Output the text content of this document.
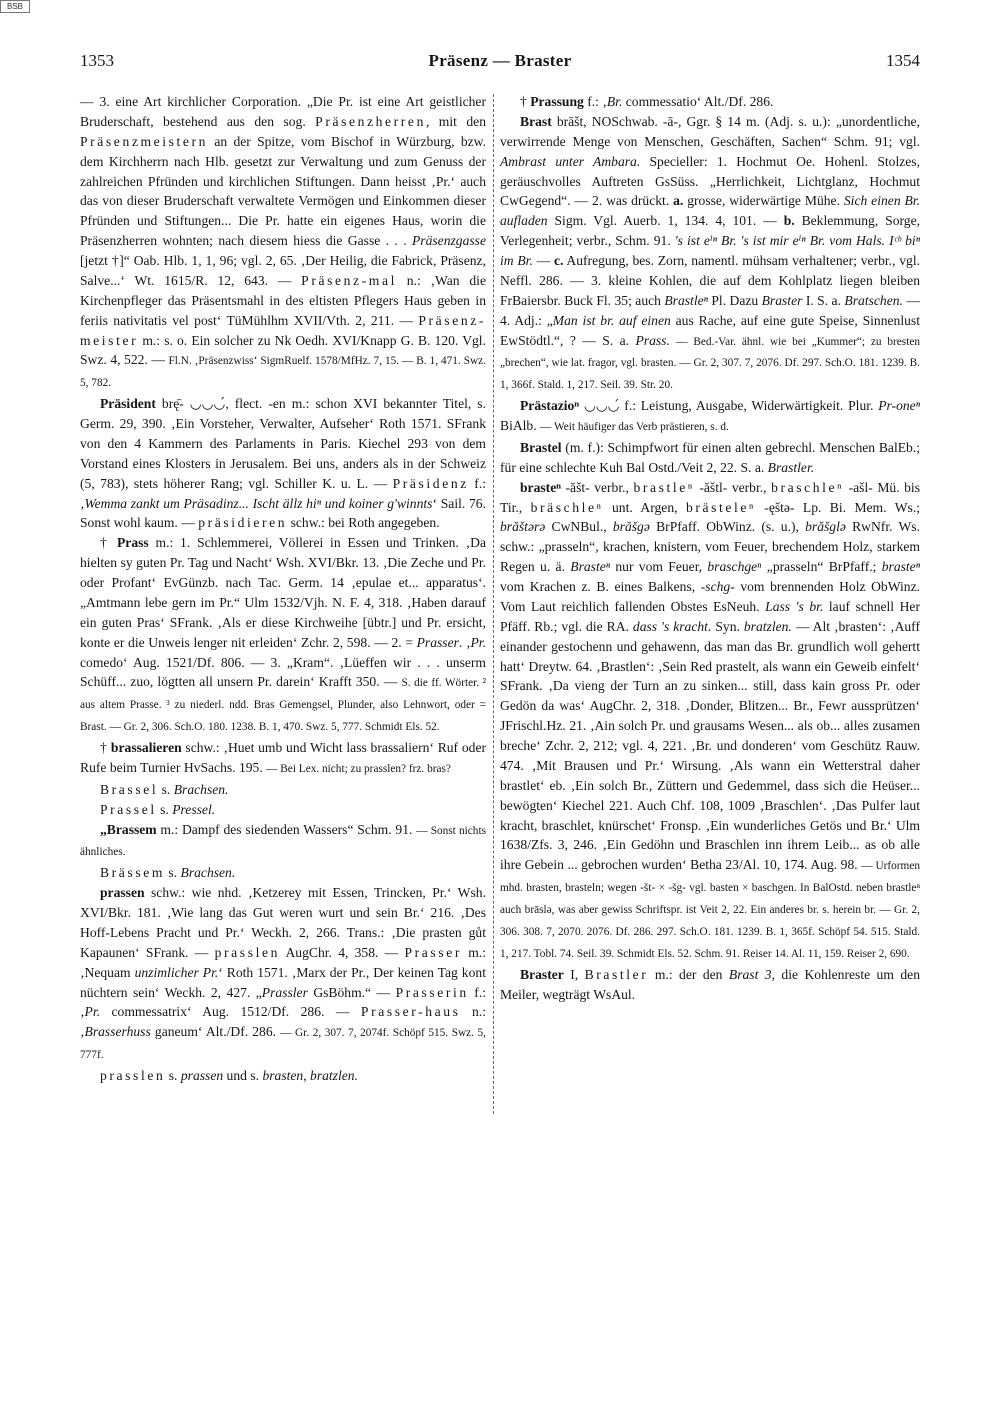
BSB
1353	Präsenz — Braster	1354

— 3. eine Art kirchlicher Corporation. „Die Pr. ist eine Art geistlicher Bruderschaft, bestehend aus den sog. Präsenzherren, mit den Präsenzmeistern an der Spitze, vom Bischof in Würzburg, bzw. dem Kirchherrn nach Hlb. gesetzt zur Verwaltung und zum Genuss der zahlreichen Pfründen und kirchlichen Stiftungen. Dann heisst ‚Pr.‘ auch das von dieser Bruderschaft verwaltete Vermögen und Einkommen dieser Pfründen und Stiftungen... Die Pr. hatte ein eigenes Haus, worin die Präsenzherren wohnten; nach diesem hiess die Gasse . . . Präsenzgasse [jetzt †]“ Oab. Hlb. 1, 1, 96; vgl. 2, 65. ‚Der Heilig, die Fabrick, Präsenz, Salve...‘ Wt. 1615/R. 12, 643. — Präsenz-mal n.: ‚Wan die Kirchenpfleger das Präsentsmahl in des eltisten Pflegers Haus geben in feriis nativitatis vel post‘ TüMühlhm XVII/Vth. 2, 211. — Präsenz-meister m.: s. o. Ein solcher zu Nk Oedh. XVI/Knapp G. B. 120. Vgl. Swz. 4, 522. — Fl.N. ‚Präsenzwiss‘ SigmRuelf. 1578/MfHz. 7, 15. — B. 1, 471. Swz. 5, 782.

Präsident brę̄- ◡◡◡́, flect. -en m.: schon XVI bekannter Titel, s. Germ. 29, 390. ‚Ein Vorsteher, Verwalter, Aufseher‘ Roth 1571. SFrank von den 4 Kammern des Parlaments in Paris. Kiechel 293 von dem Vorstand eines Klosters in Jerusalem. Bei uns, anders als in der Schweiz (5, 783), stets höherer Rang; vgl. Schiller K. u. L. — Präsidenz f.: ‚Wemma zankt um Präsadinz... Ischt ällz hiⁿ und koiner g'winnts‘ Sail. 76. Sonst wohl kaum. — präsidieren schw.: bei Roth angegeben.

† Prass m.: 1. Schlemmerei, Völlerei in Essen und Trinken. ‚Da hielten sy guten Pr. Tag und Nacht‘ Wsh. XVI/Bkr. 13. ‚Die Zeche und Pr. oder Profant‘ EvGünzb. nach Tac. Germ. 14 ‚epulae et... apparatus‘. „Amtmann lebe gern im Pr.“ Ulm 1532/Vjh. N. F. 4, 318. ‚Haben darauf ein guten Pras‘ SFrank. ‚Als er diese Kirchweihe [übtr.] und Pr. ersicht, konte er die Unweis lenger nit erleiden‘ Zchr. 2, 598. — 2. = Prasser. ‚Pr. comedo‘ Aug. 1521/Df. 806. — 3. „Kram“. ‚Lüeffen wir . . . unserm Schüff... zuo, lögtten all unsern Pr. darein‘ Krafft 350. — S. die ff. Wörter. ² aus altem Prasse. ³ zu niederl. ndd. Bras Gemengsel, Plunder, also Lehnwort, oder = Brast. — Gr. 2, 306. Sch.O. 180. 1238. B. 1, 470. Swz. 5, 777. Schmidt Els. 52.

† brassalieren schw.: ‚Huet umb und Wicht lass brassaliern‘ Ruf oder Rufe beim Turnier HvSachs. 195. — Bei Lex. nicht; zu prasslen? frz. bras?

Brassel s. Brachsen.

Prassel s. Pressel.

„Brassem m.: Dampf des siedenden Wassers“ Schm. 91. — Sonst nichts ähnliches.

Brässem s. Brachsen.

prassen schw.: wie nhd. ‚Ketzerey mit Essen, Trincken, Pr.‘ Wsh. XVI/Bkr. 181. ‚Wie lang das Gut weren wurt und sein Br.‘ 216. ‚Des Hoff-Lebens Pracht und Pr.‘ Weckh. 2, 266. Trans.: ‚Die prasten gůt Kapaunen‘ SFrank. — prasslen AugChr. 4, 358. — Prasser m.: ‚Nequam unzimlicher Pr.‘ Roth 1571. ‚Marx der Pr., Der keinen Tag kont nüchtern sein‘ Weckh. 2, 427. „Prassler GsBöhm.“ — Prasserin f.: ‚Pr. commessatrix‘ Aug. 1512/Df. 286. — Prasser-haus n.: ‚Brasserhuss ganeum‘ Alt./Df. 286. — Gr. 2, 307. 7, 2074f. Schöpf 515. Swz. 5, 777f.

prasslen s. prassen und s. brasten, bratzlen.

† Prassung f.: ‚Br. commessatio‘ Alt./Df. 286.

Brast brāšt, NOSchwab. -ā-, Ggr. § 14 m. (Adj. s. u.): „unordentliche, verwirrende Menge von Menschen, Geschäften, Sachen“ Schm. 91; vgl. Ambrast unter Ambara. Specieller: 1. Hochmut Oe. Hohenl. Stolzes, geräuschvolles Auftreten GsSüss. „Herrlichkeit, Lichtglanz, Hochmut CwGegend“. — 2. was drückt. a. grosse, widerwärtige Mühe. Sich einen Br. aufladen Sigm. Vgl. Auerb. 1, 134. 4, 101. — b. Beklemmung, Sorge, Verlegenheit; verbr., Schm. 91. 's ist eⁱⁿ Br. 's ist mir eⁱⁿ Br. vom Hals. Iᶜʰ biⁿ im Br. — c. Aufregung, bes. Zorn, namentl. mühsam verhaltener; verbr., vgl. Neffl. 286. — 3. kleine Kohlen, die auf dem Kohlplatz liegen bleiben FrBaiersbr. Buck Fl. 35; auch Brastleⁿ Pl. Dazu Braster I. S. a. Bratschen. — 4. Adj.: „Man ist br. auf einen aus Rache, auf eine gute Speise, Sinnenlust EwStödtl.“, ? — S. a. Prass. — Bed.-Var. ähnl. wie bei „Kummer“; zu bresten „brechen“, wie lat. fragor, vgl. brasten. — Gr. 2, 307. 7, 2076. Df. 297. Sch.O. 181. 1239. B. 1, 366f. Stald. 1, 217. Seil. 39. Str. 20.

Prästazioⁿ ◡◡◡́ f.: Leistung, Ausgabe, Widerwärtigkeit. Plur. Pr-oneⁿ BiAlb. — Weit häufiger das Verb prästieren, s. d.

Brastel (m. f.): Schimpfwort für einen alten gebrechl. Menschen BalEb.; für eine schlechte Kuh Bal Ostd./Veit 2, 22. S. a. Brastler.

brasteⁿ -ăšt- verbr., brastleⁿ -ăštl- verbr., braschleⁿ -ašl- Mü. bis Tir., bräschleⁿ unt. Argen, brästeleⁿ -ęštə- Lp. Bi. Mem. Ws.; brăštərə CwNBul., brăšgə BrPfaff. ObWinz. (s. u.), brăšglə RwNfr. Ws. schw.: „prasseln“, krachen, knistern, vom Feuer, brechendem Holz, starkem Regen u. ä. Brasteⁿ nur vom Feuer, braschgeⁿ „prasseln“ BrPfaff.; brasteⁿ vom Krachen z. B. eines Balkens, -schg- vom brennenden Holz ObWinz. Vom Laut reichlich fallenden Obstes EsNeuh. Lass 's br. lauf schnell Her Pfäff. Rb.; vgl. die RA. dass 's kracht. Syn. bratzlen. — Alt ‚brasten‘: ‚Auff einander gestochenn und gehawenn, das man das Br. grundlich woll gehertt hatt‘ Dreytw. 64. ‚Brastlen‘: ‚Sein Red prastelt, als wann ein Geweib einfelt‘ SFrank. ‚Da vieng der Turn an zu sinken... still, dass kain gross Pr. oder Gedön da was‘ AugChr. 2, 318. ‚Donder, Blitzen... Br., Fewr aussprützen‘ JFrischl.Hz. 21. ‚Ain solch Pr. und grausams Wesen... als ob... alles zusamen breche‘ Zchr. 2, 212; vgl. 4, 221. ‚Br. und donderen‘ vom Geschütz Rauw. 474. ‚Mit Brausen und Pr.‘ Wirsung. ‚Als wann ein Wetterstral daher brastlet‘ eb. ‚Ein solch Br., Züttern und Gedemmel, dass sich die Heüser... bewögten‘ Kiechel 221. Auch Chf. 108, 1009 ‚Braschlen‘. ‚Das Pulfer laut kracht, braschlet, knürschet‘ Fronsp. ‚Ein wunderliches Getös und Br.‘ Ulm 1638/Zfs. 3, 246. ‚Ein Gedöhn und Braschlen inn ihrem Leib... as ob alle ihre Gebein ... gebrochen wurden‘ Betha 23/Al. 10, 174. Aug. 98. — Urformen mhd. brasten, brasteln; wegen -št- × -šg- vgl. basten × baschgen. In BalOstd. neben brastleⁿ auch brāslə, was aber gewiss Schriftspr. ist Veit 2, 22. Ein anderes br. s. herein br. — Gr. 2, 306. 308. 7, 2070. 2076. Df. 286. 297. Sch.O. 181. 1239. B. 1, 365f. Schöpf 54. 515. Stald. 1, 217. Tobl. 74. Seil. 39. Schmidt Els. 52. Schm. 91. Reiser 14. Al. 11, 159. Reiser 2, 690.

Braster I, Brastler m.: der den Brast 3, die Kohlenreste um den Meiler, wegträgt WsAul.
